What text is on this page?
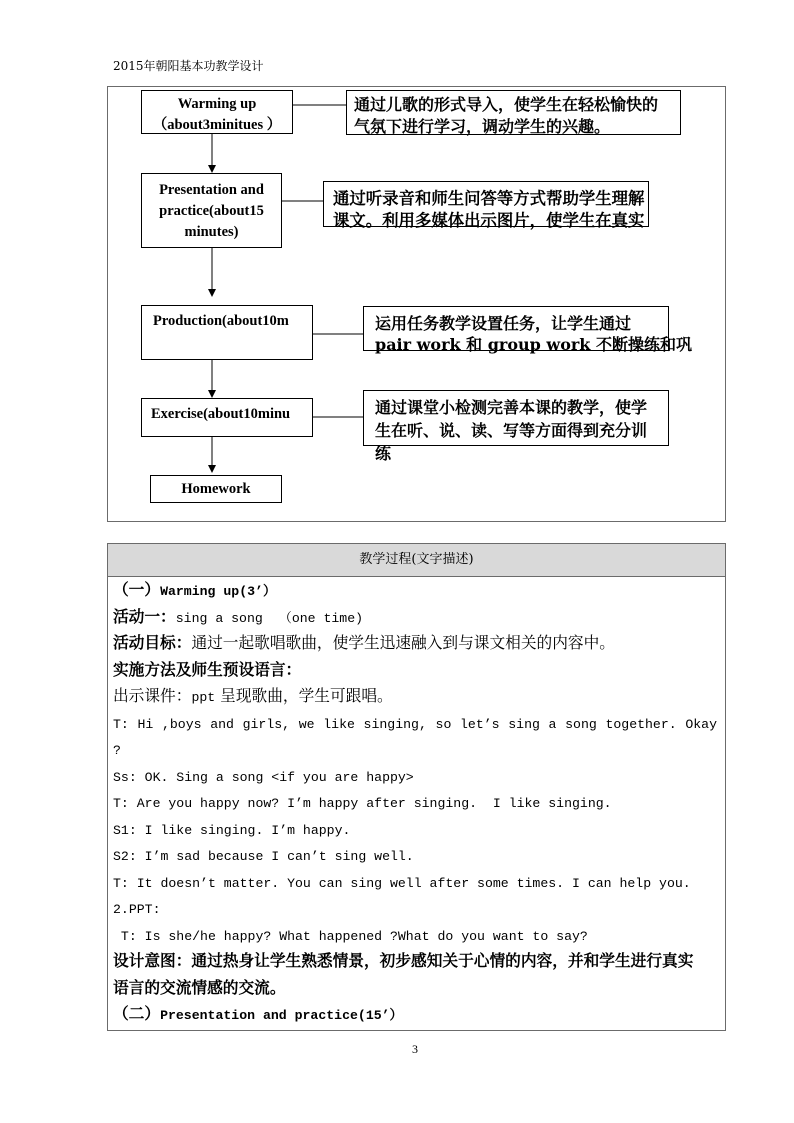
2015年朝阳基本功教学设计
Warming up
（about3minitues ）
通过儿歌的形式导入，使学生在轻松愉快的
气氛下进行学习，调动学生的兴趣。
Presentation and
practice(about15
minutes)
通过听录音和师生问答等方式帮助学生理解
课文。利用多媒体出示图片，使学生在真实
Production(about10m	运用任务教学设置任务，让学生通过
pair work 和 group work 不断操练和巩
Exercise(about10minu	通过课堂小检测完善本课的教学，使学
生在听、说、读、写等方面得到充分训
练
Homework
教学过程(文字描述)
（一）Warming up(3’）
活动一：sing a song  （one time)
活动目标：通过一起歌唱歌曲，使学生迅速融入到与课文相关的内容中。
实施方法及师生预设语言：
出示课件：ppt 呈现歌曲，学生可跟唱。
T: Hi ,boys and girls, we like singing, so let’s sing a song together. Okay
?
Ss: OK. Sing a song <if you are happy>
T: Are you happy now? I’m happy after singing.  I like singing.
S1: I like singing. I’m happy.
S2: I’m sad because I can’t sing well.
T: It doesn’t matter. You can sing well after some times. I can help you.
2.PPT:
T: Is she/he happy? What happened ?What do you want to say?
设计意图：通过热身让学生熟悉情景，初步感知关于心情的内容，并和学生进行真实
语言的交流情感的交流。
（二）Presentation and practice(15’）
3
